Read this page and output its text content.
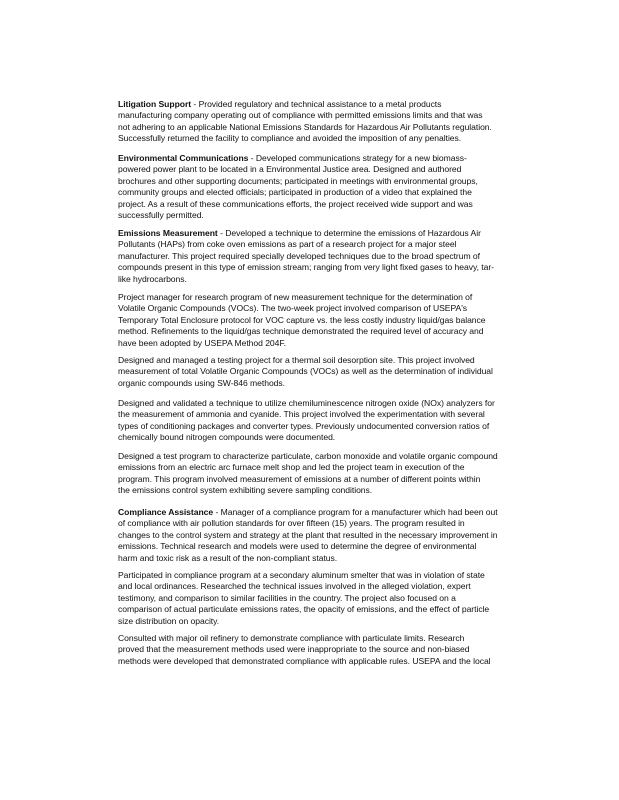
Litigation Support - Provided regulatory and technical assistance to a metal products
manufacturing company operating out of compliance with permitted emissions limits and that was
not adhering to an applicable National Emissions Standards for Hazardous Air Pollutants regulation.
Successfully returned the facility to compliance and avoided the imposition of any penalties.
Environmental Communications - Developed communications strategy for a new biomass-
powered power plant to be located in a Environmental Justice area. Designed and authored
brochures and other supporting documents; participated in meetings with environmental groups,
community groups and elected officials; participated in production of a video that explained the
project. As a result of these communications efforts, the project received wide support and was
successfully permitted.
Emissions Measurement - Developed a technique to determine the emissions of Hazardous Air
Pollutants (HAPs) from coke oven emissions as part of a research project for a major steel
manufacturer. This project required specially developed techniques due to the broad spectrum of
compounds present in this type of emission stream; ranging from very light fixed gases to heavy, tar-
like hydrocarbons.
Project manager for research program of new measurement technique for the determination of
Volatile Organic Compounds (VOCs). The two-week project involved comparison of USEPA's
Temporary Total Enclosure protocol for VOC capture vs. the less costly industry liquid/gas balance
method. Refinements to the liquid/gas technique demonstrated the required level of accuracy and
have been adopted by USEPA Method 204F.
Designed and managed a testing project for a thermal soil desorption site. This project involved
measurement of total Volatile Organic Compounds (VOCs) as well as the determination of individual
organic compounds using SW-846 methods.
Designed and validated a technique to utilize chemiluminescence nitrogen oxide (NOx) analyzers for
the measurement of ammonia and cyanide. This project involved the experimentation with several
types of conditioning packages and converter types. Previously undocumented conversion ratios of
chemically bound nitrogen compounds were documented.
Designed a test program to characterize particulate, carbon monoxide and volatile organic compound
emissions from an electric arc furnace melt shop and led the project team in execution of the
program. This program involved measurement of emissions at a number of different points within
the emissions control system exhibiting severe sampling conditions.
Compliance Assistance - Manager of a compliance program for a manufacturer which had been out
of compliance with air pollution standards for over fifteen (15) years. The program resulted in
changes to the control system and strategy at the plant that resulted in the necessary improvement in
emissions. Technical research and models were used to determine the degree of environmental
harm and toxic risk as a result of the non-compliant status.
Participated in compliance program at a secondary aluminum smelter that was in violation of state
and local ordinances. Researched the technical issues involved in the alleged violation, expert
testimony, and comparison to similar facilities in the country. The project also focused on a
comparison of actual particulate emissions rates, the opacity of emissions, and the effect of particle
size distribution on opacity.
Consulted with major oil refinery to demonstrate compliance with particulate limits. Research
proved that the measurement methods used were inappropriate to the source and non-biased
methods were developed that demonstrated compliance with applicable rules. USEPA and the local
